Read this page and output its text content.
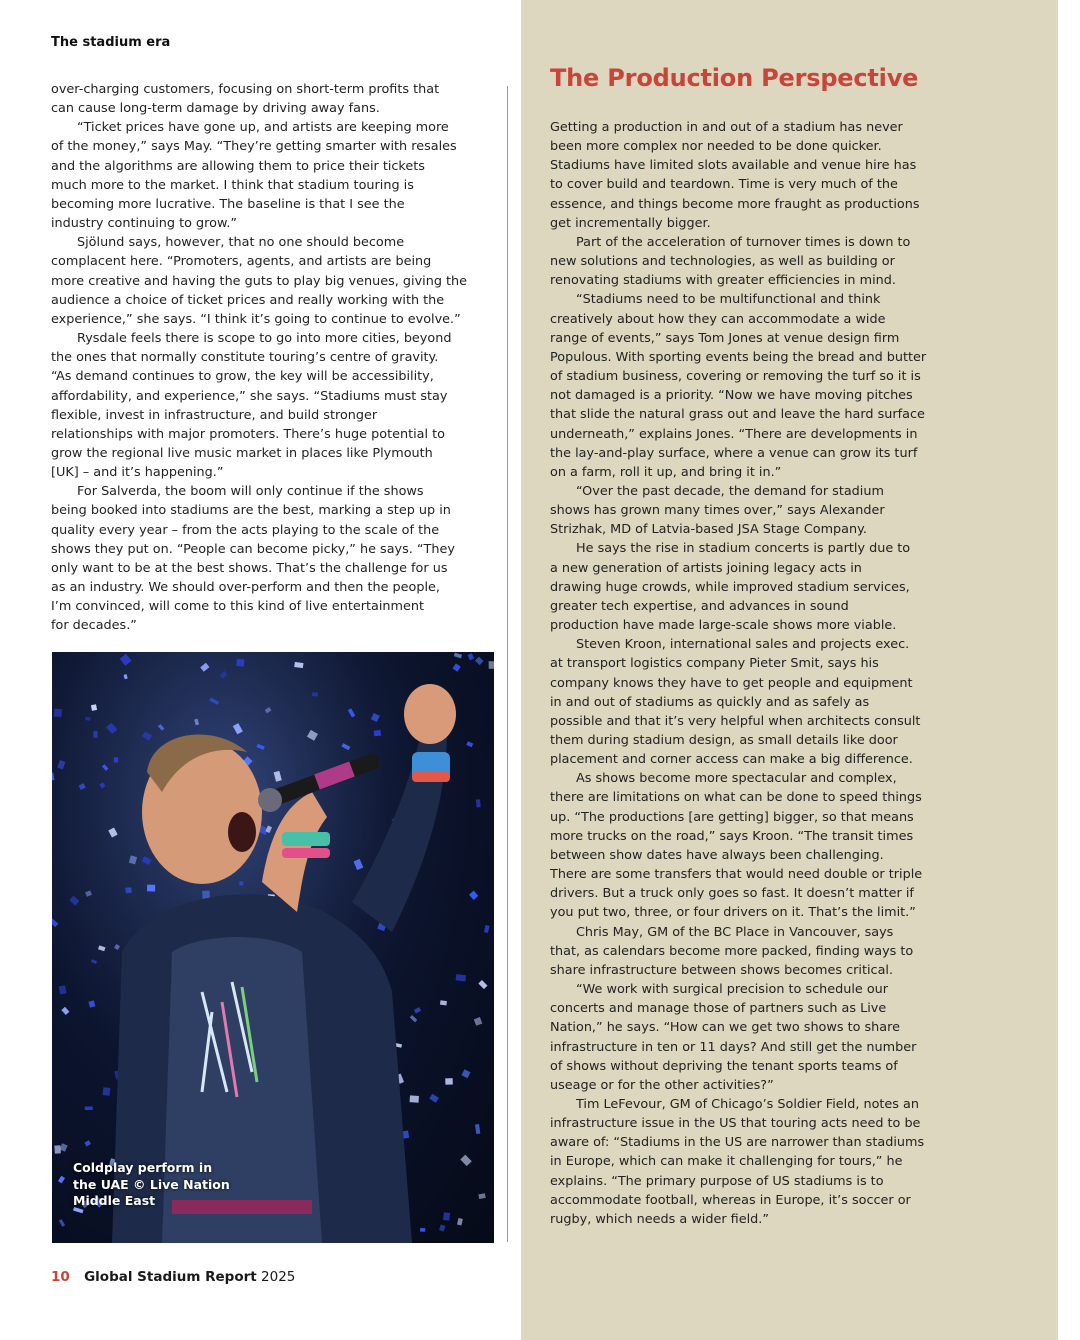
The stadium era

over-charging customers, focusing on short-term profits that

can cause long-term damage by driving away fans.

“Ticket prices have gone up, and artists are keeping more

of the money,” says May. “They’re getting smarter with resales

and the algorithms are allowing them to price their tickets

much more to the market. I think that stadium touring is

becoming more lucrative. The baseline is that I see the

industry continuing to grow.”

Sjölund says, however, that no one should become

complacent here. “Promoters, agents, and artists are being

more creative and having the guts to play big venues, giving the

audience a choice of ticket prices and really working with the

experience,” she says. “I think it’s going to continue to evolve.”

Rysdale feels there is scope to go into more cities, beyond

the ones that normally constitute touring’s centre of gravity.

“As demand continues to grow, the key will be accessibility,

affordability, and experience,” she says. “Stadiums must stay

flexible, invest in infrastructure, and build stronger

relationships with major promoters. There’s huge potential to

grow the regional live music market in places like Plymouth

[UK] – and it’s happening.”

For Salverda, the boom will only continue if the shows

being booked into stadiums are the best, marking a step up in

quality every year – from the acts playing to the scale of the

shows they put on. “People can become picky,” he says. “They

only want to be at the best shows. That’s the challenge for us

as an industry. We should over-perform and then the people,

I’m convinced, will come to this kind of live entertainment

for decades.”

Coldplay perform in
the UAE © Live Nation
Middle East
The Production Perspective

Getting a production in and out of a stadium has never

been more complex nor needed to be done quicker.

Stadiums have limited slots available and venue hire has

to cover build and teardown. Time is very much of the

essence, and things become more fraught as productions

get incrementally bigger.

Part of the acceleration of turnover times is down to

new solutions and technologies, as well as building or

renovating stadiums with greater efficiencies in mind.

“Stadiums need to be multifunctional and think

creatively about how they can accommodate a wide

range of events,” says Tom Jones at venue design firm

Populous. With sporting events being the bread and butter

of stadium business, covering or removing the turf so it is

not damaged is a priority. “Now we have moving pitches

that slide the natural grass out and leave the hard surface

underneath,” explains Jones. “There are developments in

the lay-and-play surface, where a venue can grow its turf

on a farm, roll it up, and bring it in.”

“Over the past decade, the demand for stadium

shows has grown many times over,” says Alexander

Strizhak, MD of Latvia-based JSA Stage Company.

He says the rise in stadium concerts is partly due to

a new generation of artists joining legacy acts in

drawing huge crowds, while improved stadium services,

greater tech expertise, and advances in sound

production have made large-scale shows more viable.

Steven Kroon, international sales and projects exec.

at transport logistics company Pieter Smit, says his

company knows they have to get people and equipment

in and out of stadiums as quickly and as safely as

possible and that it’s very helpful when architects consult

them during stadium design, as small details like door

placement and corner access can make a big difference.

As shows become more spectacular and complex,

there are limitations on what can be done to speed things

up. “The productions [are getting] bigger, so that means

more trucks on the road,” says Kroon. “The transit times

between show dates have always been challenging.

There are some transfers that would need double or triple

drivers. But a truck only goes so fast. It doesn’t matter if

you put two, three, or four drivers on it. That’s the limit.”

Chris May, GM of the BC Place in Vancouver, says

that, as calendars become more packed, finding ways to

share infrastructure between shows becomes critical.

“We work with surgical precision to schedule our

concerts and manage those of partners such as Live

Nation,” he says. “How can we get two shows to share

infrastructure in ten or 11 days? And still get the number

of shows without depriving the tenant sports teams of

useage or for the other activities?”

Tim LeFevour, GM of Chicago’s Soldier Field, notes an

infrastructure issue in the US that touring acts need to be

aware of: “Stadiums in the US are narrower than stadiums

in Europe, which can make it challenging for tours,” he

explains. “The primary purpose of US stadiums is to

accommodate football, whereas in Europe, it’s soccer or

rugby, which needs a wider field.”

10 Global Stadium Report 2025
